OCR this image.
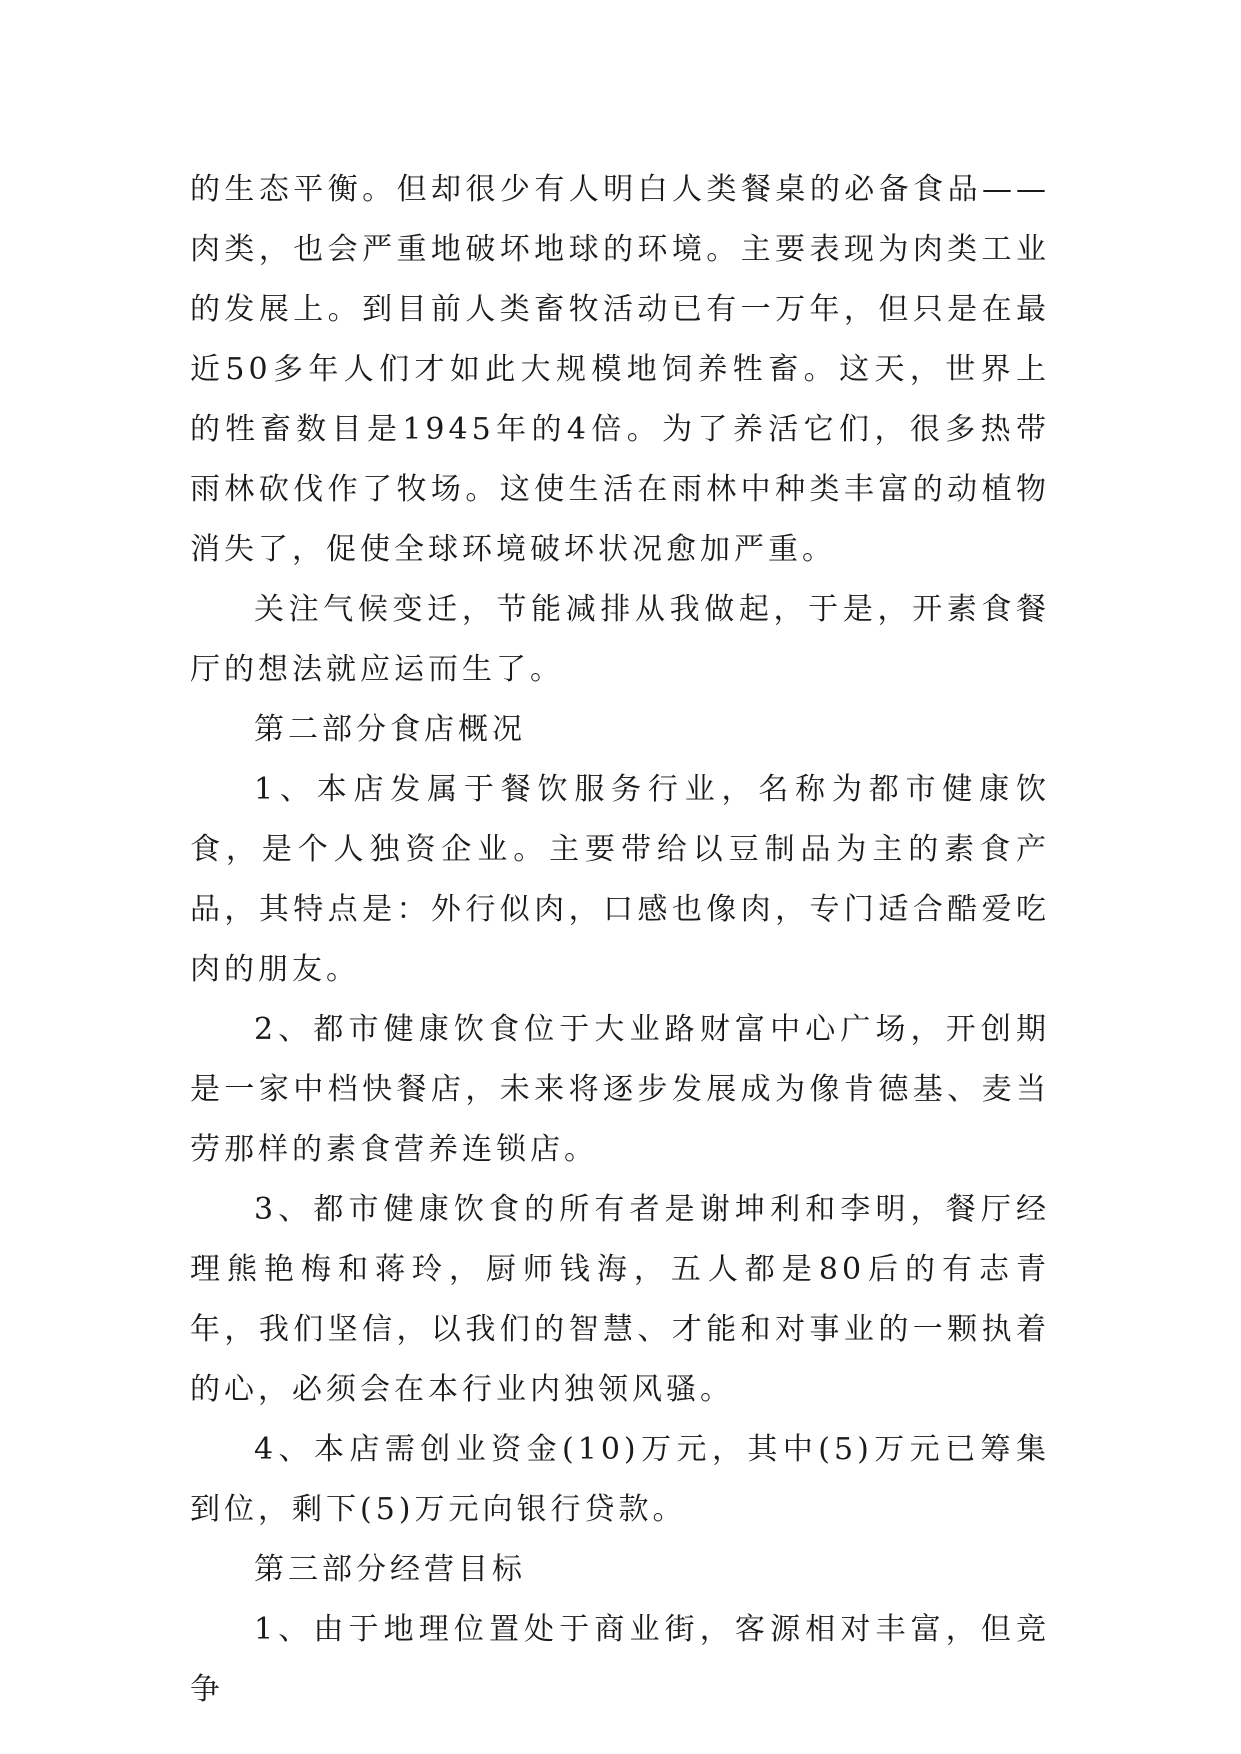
的生态平衡。但却很少有人明白人类餐桌的必备食品——肉类，也会严重地破坏地球的环境。主要表现为肉类工业的发展上。到目前人类畜牧活动已有一万年，但只是在最近50多年人们才如此大规模地饲养牲畜。这天，世界上的牲畜数目是1945年的4倍。为了养活它们，很多热带雨林砍伐作了牧场。这使生活在雨林中种类丰富的动植物消失了，促使全球环境破坏状况愈加严重。

关注气候变迁，节能减排从我做起，于是，开素食餐厅的想法就应运而生了。

第二部分食店概况

1、本店发属于餐饮服务行业，名称为都市健康饮食，是个人独资企业。主要带给以豆制品为主的素食产品，其特点是：外行似肉，口感也像肉，专门适合酷爱吃肉的朋友。

2、都市健康饮食位于大业路财富中心广场，开创期是一家中档快餐店，未来将逐步发展成为像肯德基、麦当劳那样的素食营养连锁店。

3、都市健康饮食的所有者是谢坤利和李明，餐厅经理熊艳梅和蒋玲，厨师钱海，五人都是80后的有志青年，我们坚信，以我们的智慧、才能和对事业的一颗执着的心，必须会在本行业内独领风骚。

4、本店需创业资金(10)万元，其中(5)万元已筹集到位，剩下(5)万元向银行贷款。

第三部分经营目标

1、由于地理位置处于商业街，客源相对丰富，但竞争
